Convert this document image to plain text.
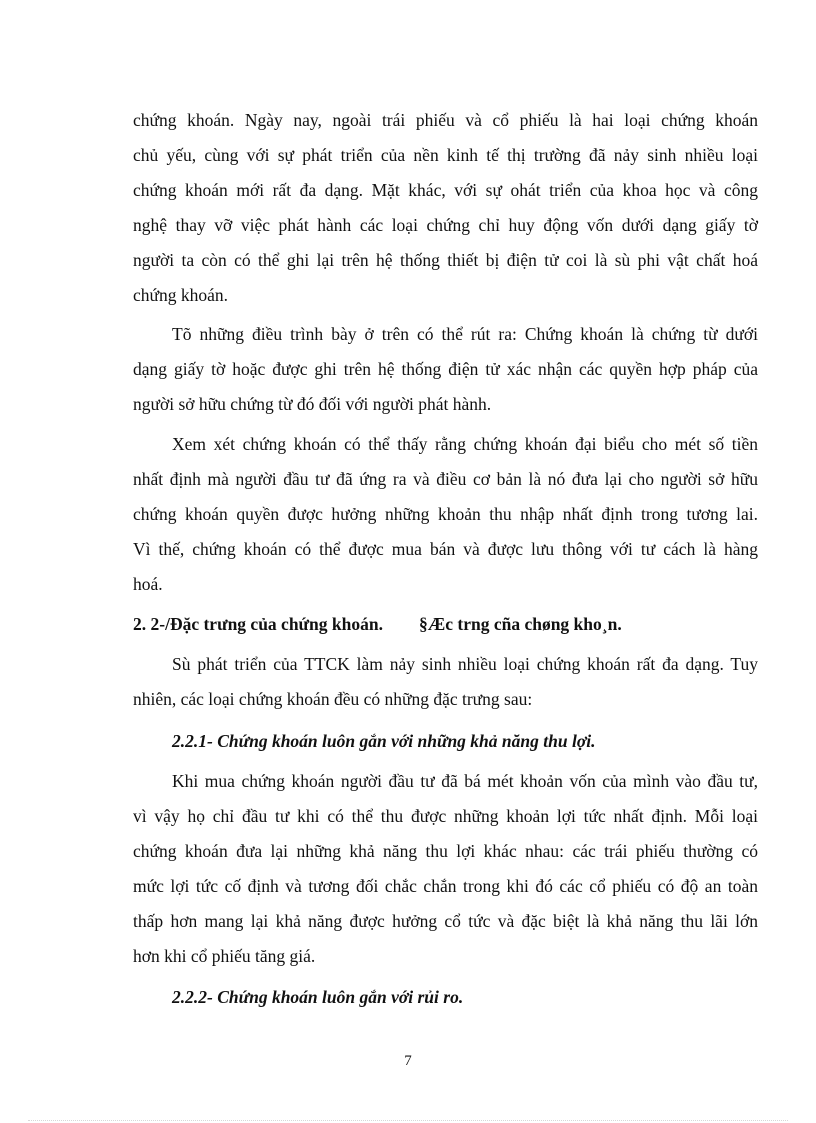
chứng khoán. Ngày nay, ngoài trái phiếu và cổ phiếu là hai loại chứng khoán
chủ yếu, cùng với sự phát triển của nền kinh tế thị trường đã nảy sinh nhiều loại
chứng khoán mới rất đa dạng. Mặt khác, với sự ohát triển của khoa học và công
nghệ thay vỡ việc phát hành các loại chứng chỉ huy động vốn dưới dạng giấy tờ
người ta còn có thể ghi lại trên hệ thống thiết bị điện tử coi là sù phi vật chất hoá
chứng khoán.
Tõ những điều trình bày ở trên có thể rút ra: Chứng khoán là chứng từ dưới
dạng giấy tờ hoặc được ghi trên hệ thống điện tử xác nhận các quyền hợp pháp của
người sở hữu chứng từ đó đối với người phát hành.
Xem xét chứng khoán có thể thấy rằng chứng khoán đại biểu cho mét số tiền
nhất định mà người đầu tư đã ứng ra và điều cơ bản là nó đưa lại cho người sở hữu
chứng khoán quyền được hưởng những khoản thu nhập nhất định trong tương lai.
Vì thế, chứng khoán có thể được mua bán và được lưu thông với tư cách là hàng
hoá.
2. 2-/Đặc trưng của chứng khoán. §Æc trng cña chøng kho¸n.
Sù phát triển của TTCK làm nảy sinh nhiều loại chứng khoán rất đa dạng. Tuy
nhiên, các loại chứng khoán đều có những đặc trưng sau:
2.2.1- Chứng khoán luôn gắn với những khả năng thu lợi.
Khi mua chứng khoán người đầu tư đã bá mét khoản vốn của mình vào đầu tư,
vì vậy họ chỉ đầu tư khi có thể thu được những khoản lợi tức nhất định. Mỗi loại
chứng khoán đưa lại những khả năng thu lợi khác nhau: các trái phiếu thường có
mức lợi tức cố định và tương đối chắc chắn trong khi đó các cổ phiếu có độ an toàn
thấp hơn mang lại khả năng được hưởng cổ tức và đặc biệt là khả năng thu lãi lớn
hơn khi cổ phiếu tăng giá.
2.2.2- Chứng khoán luôn gắn với rủi ro.
7
